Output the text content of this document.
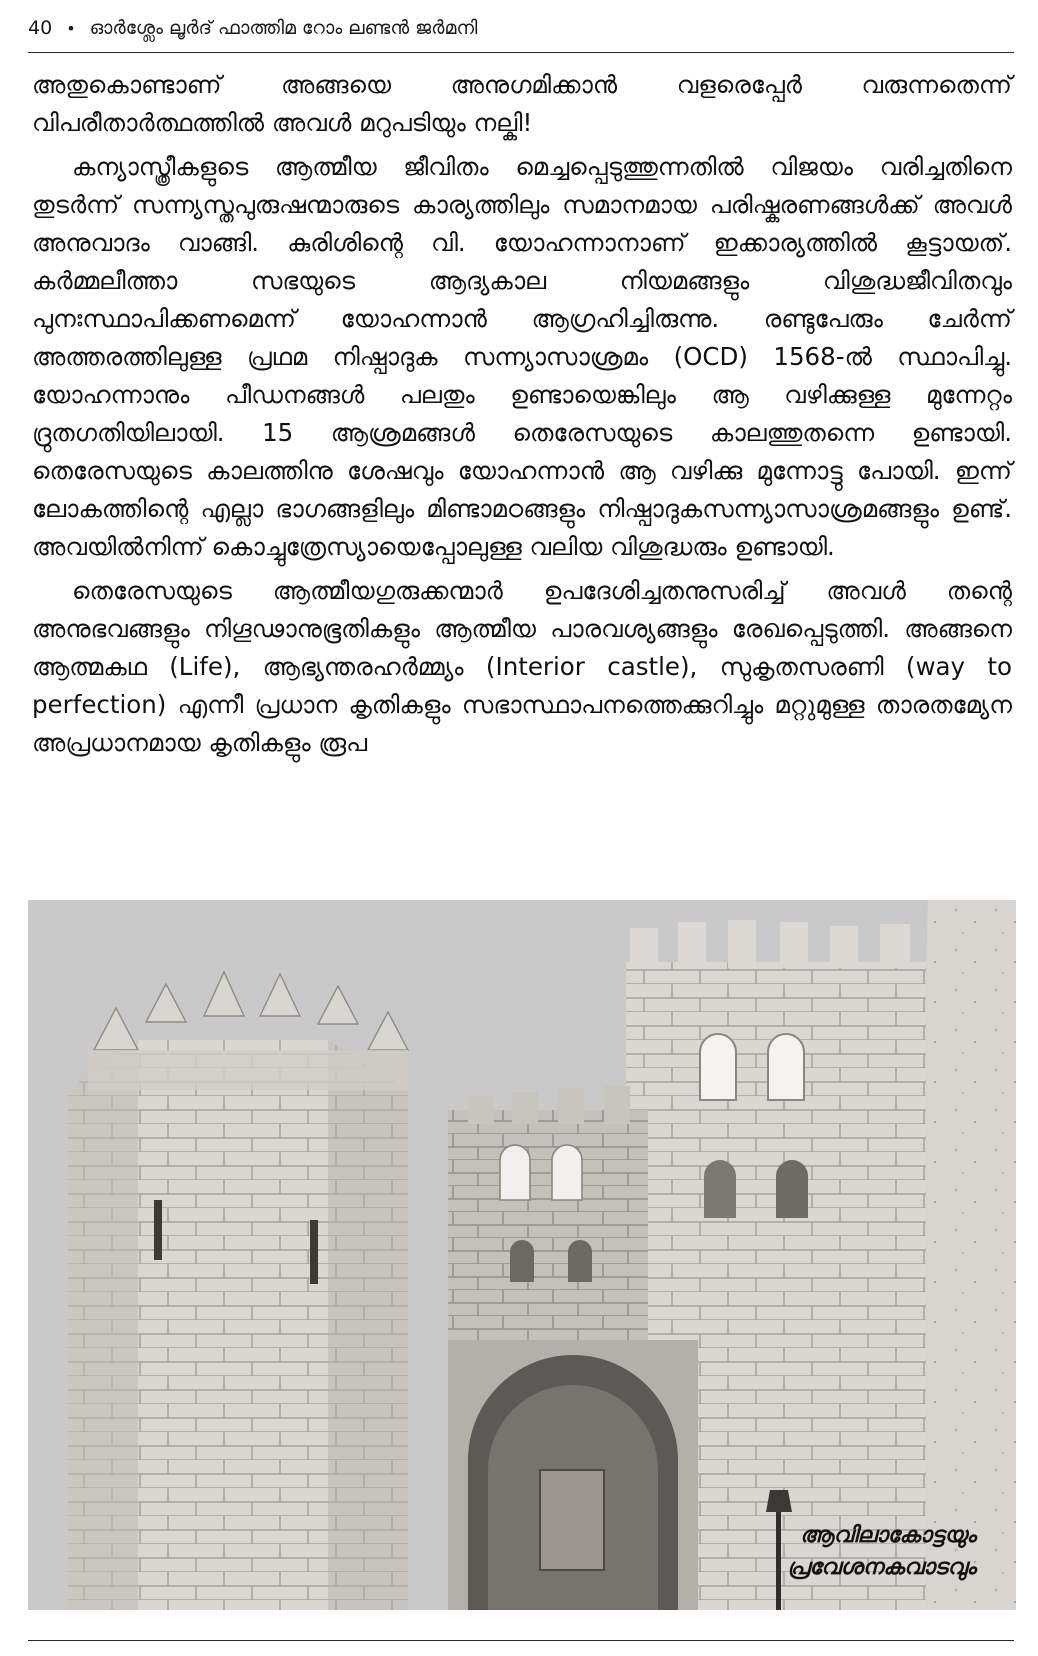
40 • ഓർശ്ലേം ലൂർദ് ഫാത്തിമ റോം ലണ്ടൻ ജർമനി

അതുകൊണ്ടാണ് അങ്ങയെ അനുഗമിക്കാൻ വളരെപ്പേർ വരുന്നതെന്ന് വിപരീതാർത്ഥത്തിൽ അവൾ മറുപടിയും നല്കി!

കന്യാസ്ത്രീകളുടെ ആത്മീയ ജീവിതം മെച്ചപ്പെടുത്തുന്നതിൽ വിജയം വരിച്ചതിനെ തുടർന്ന് സന്ന്യസ്തപുരുഷന്മാരുടെ കാര്യത്തിലും സമാനമായ പരിഷ്കരണങ്ങൾക്ക് അവൾ അനുവാദം വാങ്ങി. കുരിശിന്റെ വി. യോഹന്നാനാണ് ഇക്കാര്യത്തിൽ കൂട്ടായത്. കർമ്മലീത്താ സഭയുടെ ആദ്യകാല നിയമങ്ങളും വിശുദ്ധജീവിതവും പുനഃസ്ഥാപിക്കണമെന്ന് യോഹന്നാൻ ആഗ്രഹിച്ചിരുന്നു. രണ്ടുപേരും ചേർന്ന് അത്തരത്തിലുള്ള പ്രഥമ നിഷ്പാദുക സന്ന്യാസാശ്രമം (OCD) 1568-ൽ സ്ഥാപിച്ചു. യോഹന്നാനും പീഡനങ്ങൾ പലതും ഉണ്ടായെങ്കിലും ആ വഴിക്കുള്ള മുന്നേറ്റം ദ്രുതഗതിയിലായി. 15 ആശ്രമങ്ങൾ തെരേസയുടെ കാലത്തുതന്നെ ഉണ്ടായി. തെരേസയുടെ കാലത്തിനു ശേഷവും യോഹന്നാൻ ആ വഴിക്കു മുന്നോട്ടു പോയി. ഇന്ന് ലോകത്തിന്റെ എല്ലാ ഭാഗങ്ങളിലും മിണ്ടാമഠങ്ങളും നിഷ്പാദുകസന്ന്യാസാശ്രമങ്ങളും ഉണ്ട്. അവയിൽനിന്ന് കൊച്ചുത്രേസ്യായെപ്പോലുള്ള വലിയ വിശുദ്ധരും ഉണ്ടായി.

തെരേസയുടെ ആത്മീയഗുരുക്കന്മാർ ഉപദേശിച്ചതനുസരിച്ച് അവൾ തന്റെ അനുഭവങ്ങളും നിഗൂഢാനുഭൂതികളും ആത്മീയ പാരവശ്യങ്ങളും രേഖപ്പെടുത്തി. അങ്ങനെ ആത്മകഥ (Life), ആഭ്യന്തരഹർമ്മ്യം (Interior castle), സുകൃതസരണി (way to perfection) എന്നീ പ്രധാന കൃതികളും സഭാസ്ഥാപനത്തെക്കുറിച്ചും മറ്റുമുള്ള താരതമ്യേന അപ്രധാനമായ കൃതികളും രൂപ

ആവിലാകോട്ടയും
പ്രവേശനകവാടവും
